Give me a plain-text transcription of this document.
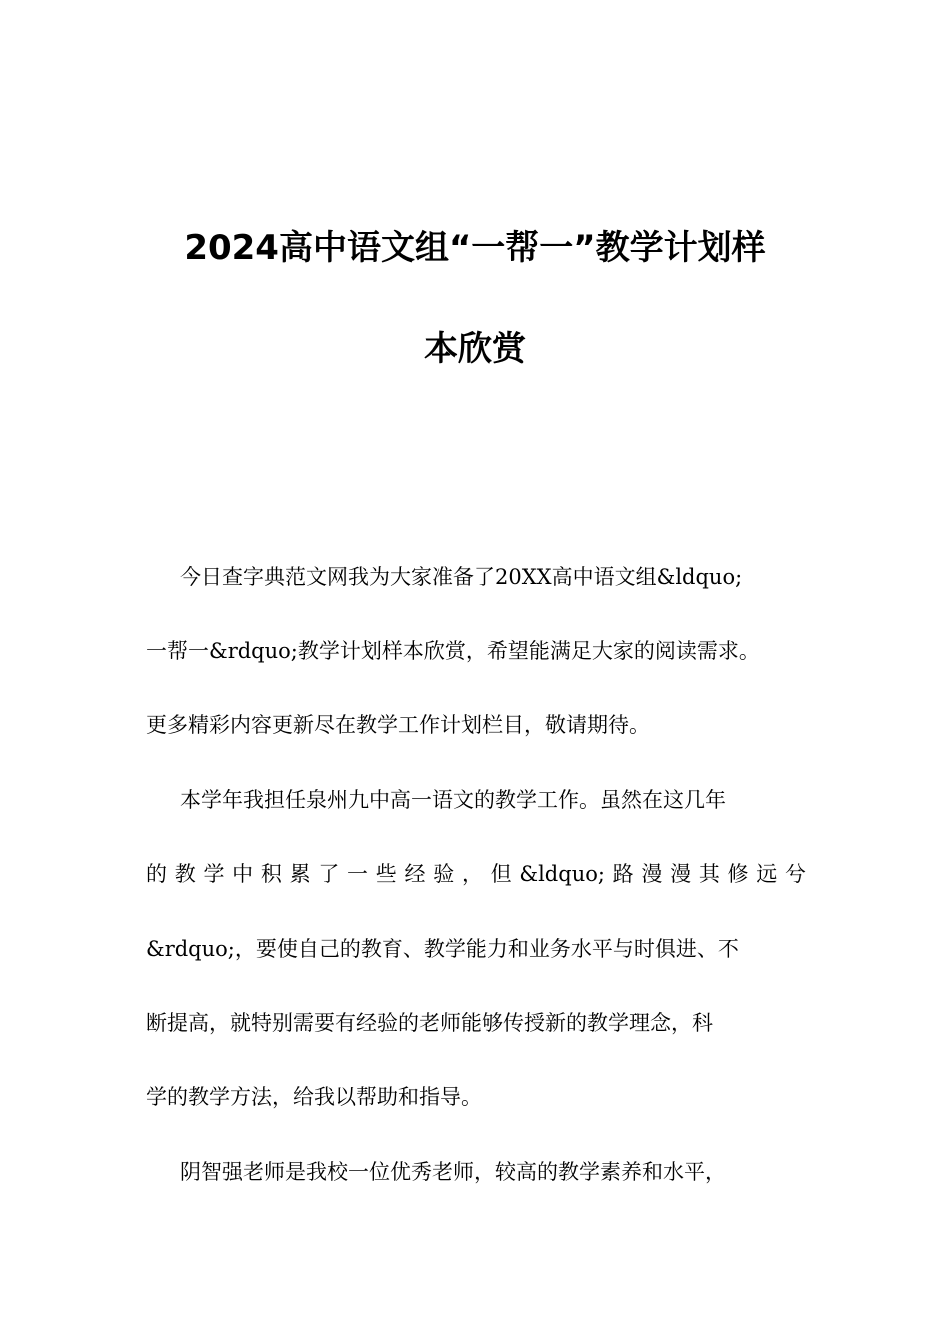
2024高中语文组“一帮一”教学计划样
本欣赏
今日查字典范文网我为大家准备了20XX高中语文组&ldquo;
一帮一&rdquo;教学计划样本欣赏，希望能满足大家的阅读需求。
更多精彩内容更新尽在教学工作计划栏目，敬请期待。
本学年我担任泉州九中高一语文的教学工作。虽然在这几年
的教学中积累了一些经验，但&ldquo;路漫漫其修远兮
&rdquo;，要使自己的教育、教学能力和业务水平与时俱进、不
断提高，就特别需要有经验的老师能够传授新的教学理念，科
学的教学方法，给我以帮助和指导。
阴智强老师是我校一位优秀老师，较高的教学素养和水平，
